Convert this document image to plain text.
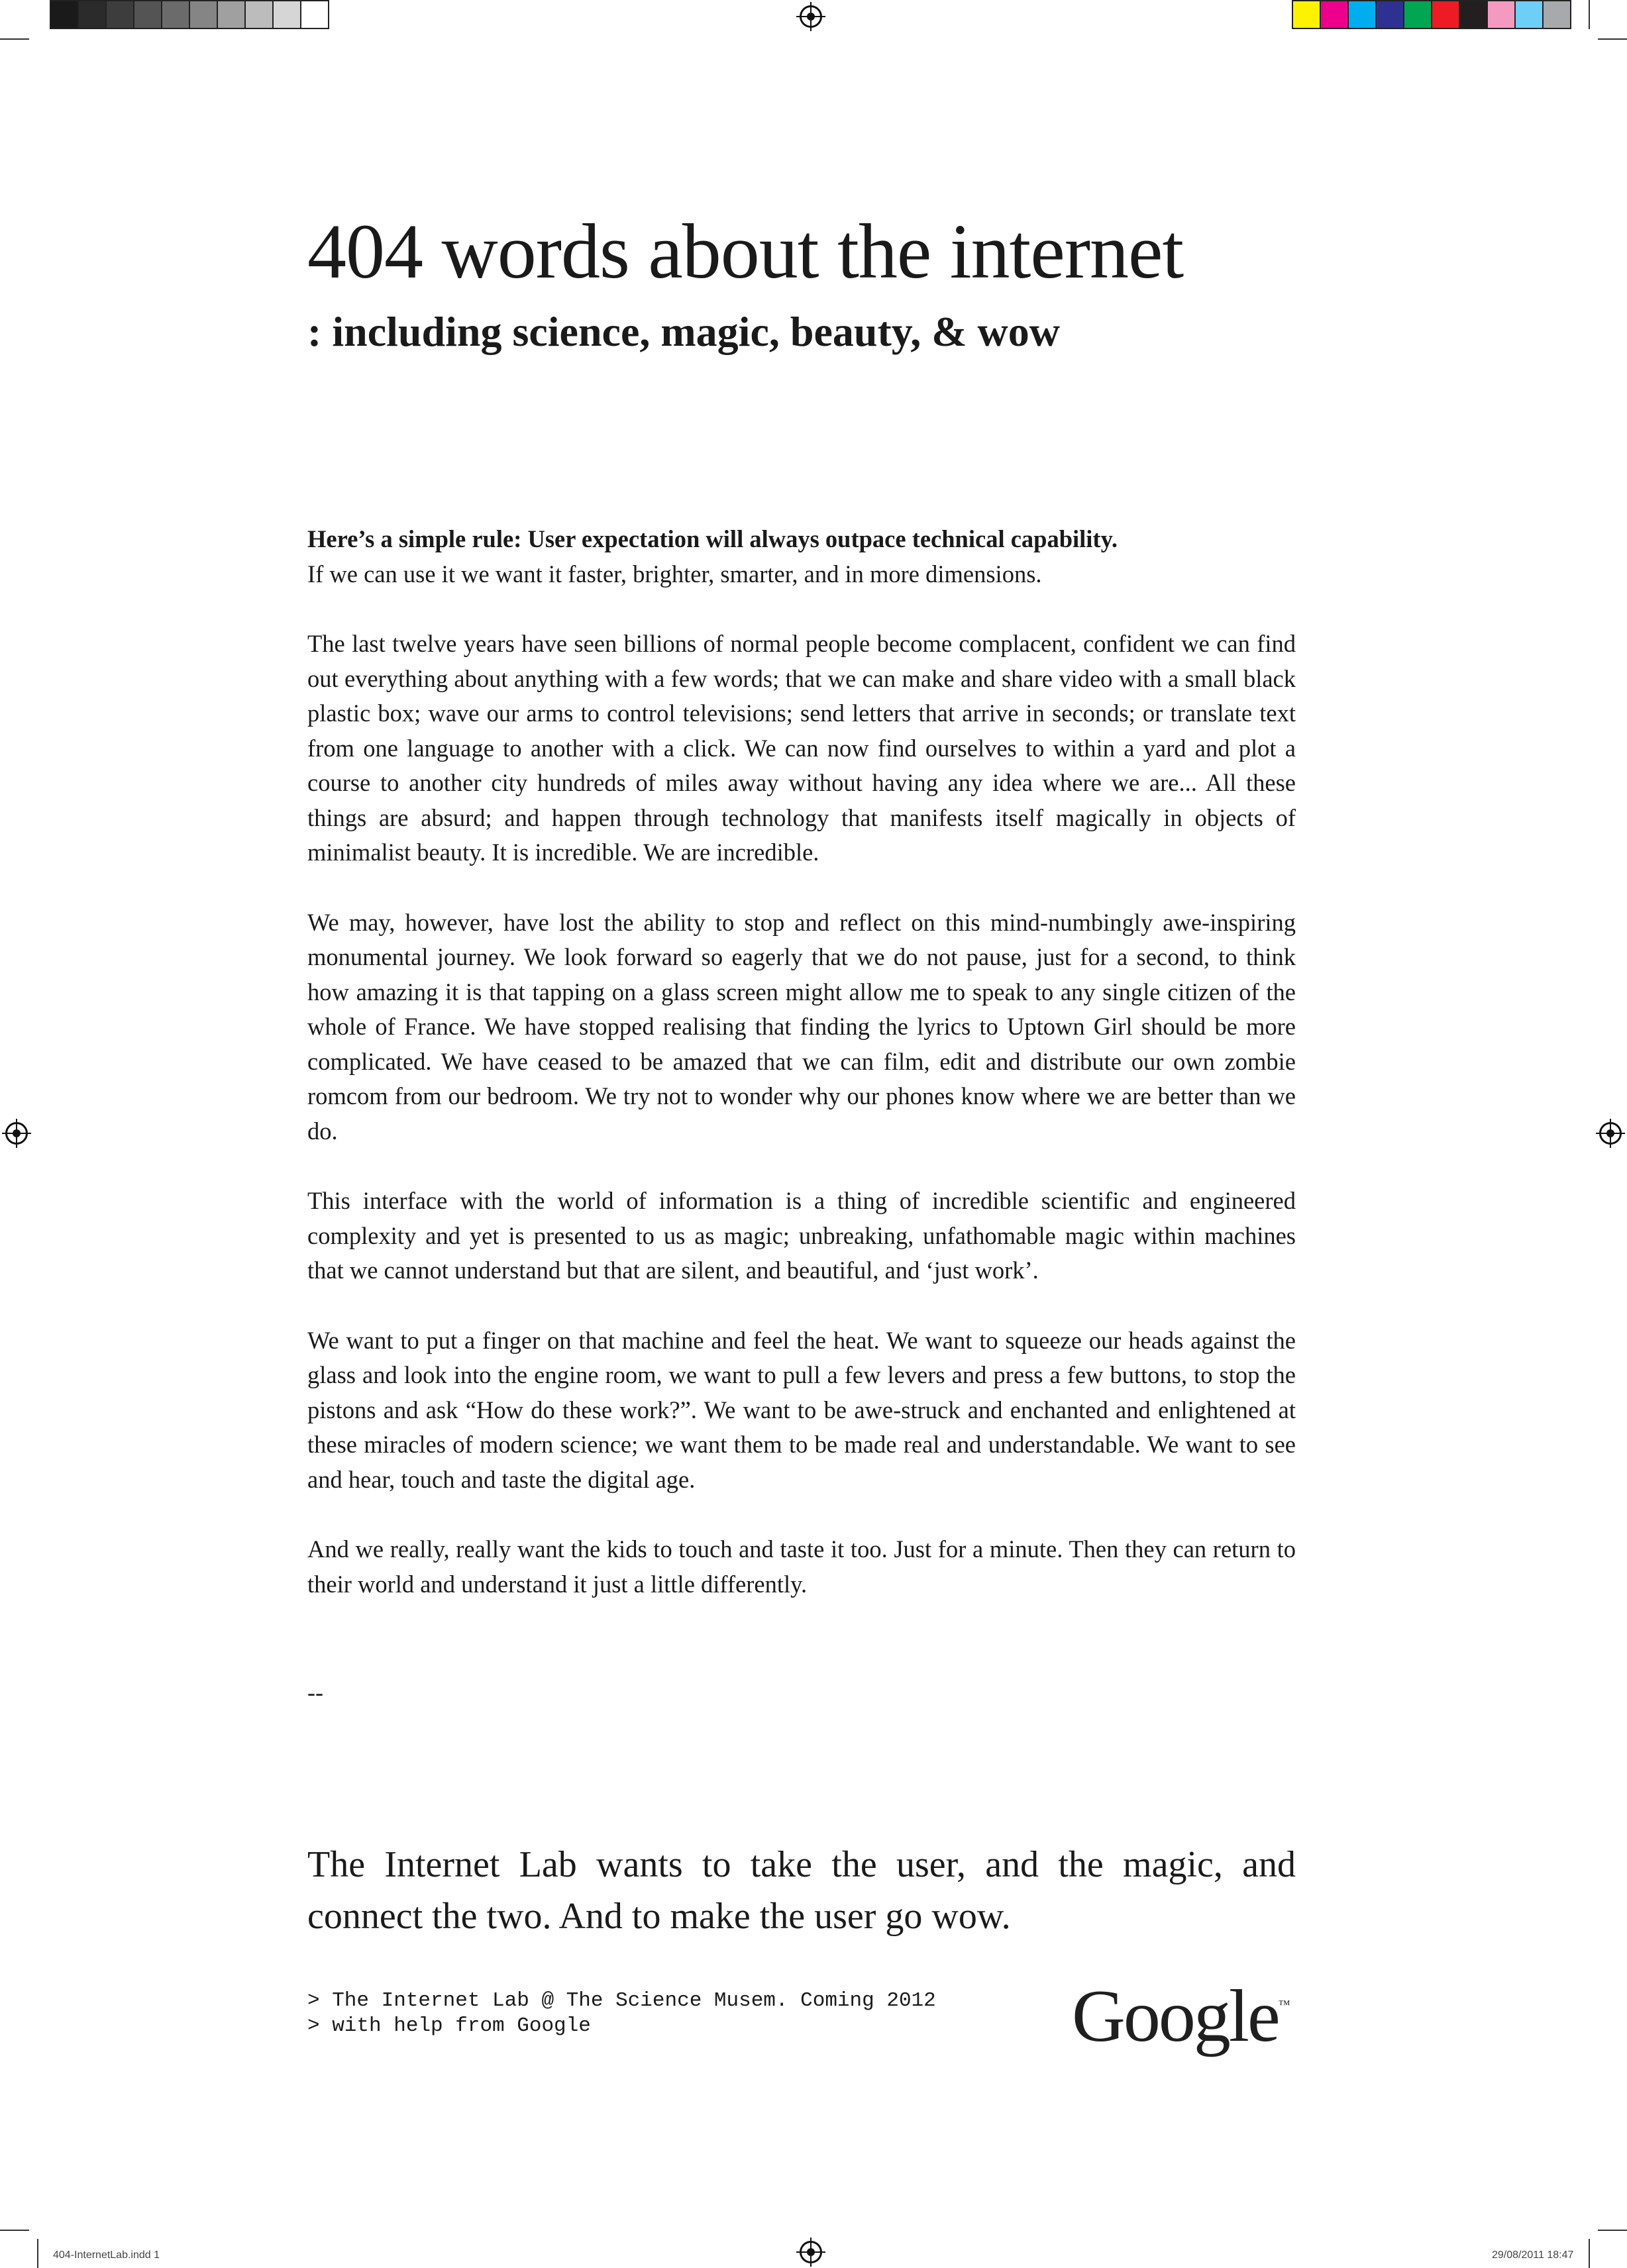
404 words about the internet
: including science, magic, beauty, & wow

Here’s a simple rule: User expectation will always outpace technical capability.
If we can use it we want it faster, brighter, smarter, and in more dimensions.

The last twelve years have seen billions of normal people become complacent, confident we can find out everything about anything with a few words; that we can make and share video with a small black plastic box; wave our arms to control televisions; send letters that arrive in seconds; or translate text from one language to another with a click. We can now find ourselves to within a yard and plot a course to another city hundreds of miles away without having any idea where we are... All these things are absurd; and happen through technology that manifests itself magically in objects of minimalist beauty. It is incredible. We are incredible.

We may, however, have lost the ability to stop and reflect on this mind-numbingly awe-inspiring monumental journey. We look forward so eagerly that we do not pause, just for a second, to think how amazing it is that tapping on a glass screen might allow me to speak to any single citizen of the whole of France. We have stopped realising that finding the lyrics to Uptown Girl should be more complicated. We have ceased to be amazed that we can film, edit and distribute our own zombie romcom from our bedroom. We try not to wonder why our phones know where we are better than we do.

This interface with the world of information is a thing of incredible scientific and engineered complexity and yet is presented to us as magic; unbreaking, unfathomable magic within machines that we cannot understand but that are silent, and beautiful, and ‘just work’.

We want to put a finger on that machine and feel the heat. We want to squeeze our heads against the glass and look into the engine room, we want to pull a few levers and press a few buttons, to stop the pistons and ask “How do these work?”. We want to be awe-struck and enchanted and enlightened at these miracles of modern science; we want them to be made real and understandable. We want to see and hear, touch and taste the digital age.

And we really, really want the kids to touch and taste it too. Just for a minute. Then they can return to their world and understand it just a little differently.

--

The Internet Lab wants to take the user, and the magic, and connect the two. And to make the user go wow.

> The Internet Lab @ The Science Musem. Coming 2012
> with help from Google	Google™
404-InternetLab.indd 1	29/08/2011 18:47
